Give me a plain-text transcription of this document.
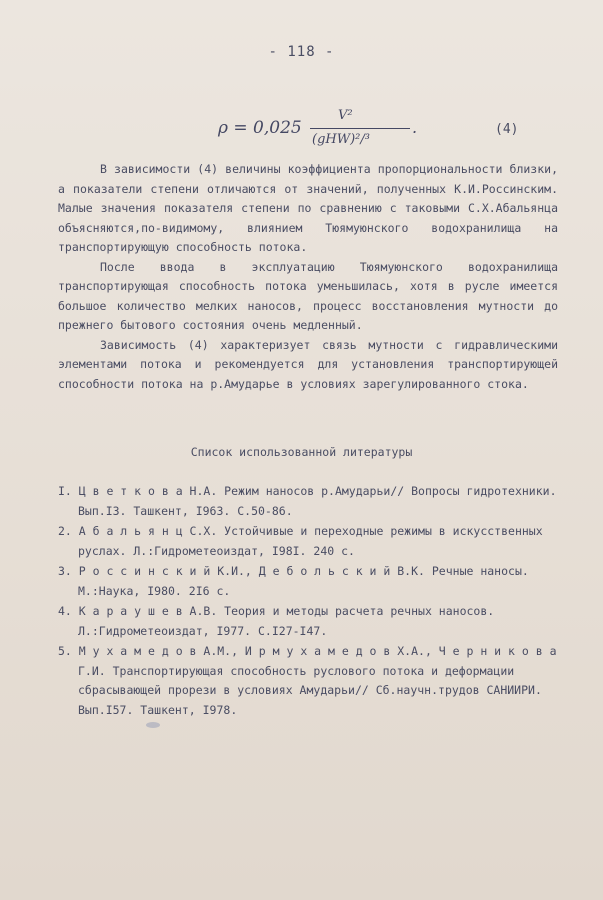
- 118 -
ρ = 0,025
V²
(gHW)²/³
.	(4)

В зависимости (4) величины коэффициента пропорциональности близки, а показатели степени отличаются от значений, полученных К.И.Россинским. Малые значения показателя степени по сравнению с таковыми С.Х.Абальянца объясняются,по-видимому, влиянием Тюямуюнского водохранилища на транспортирующую способность потока.

После ввода в эксплуатацию Тюямуюнского водохранилища транспортирующая способность потока уменьшилась, хотя в русле имеется большое количество мелких наносов, процесс восстановления мутности до прежнего бытового состояния очень медленный.

Зависимость (4) характеризует связь мутности с гидравлическими элементами потока и рекомендуется для установления транспортирующей способности потока на р.Амударье в условиях зарегулированного стока.

Список использованной литературы
I. Ц в е т к о в а Н.А. Режим наносов р.Амударьи// Вопросы гидротехники. Вып.I3. Ташкент, I963. С.50-86.
2. А б а л ь я н ц С.Х. Устойчивые и переходные режимы в искусственных руслах. Л.:Гидрометеоиздат, I98I. 240 с.
3. Р о с с и н с к и й К.И., Д е б о л ь с к и й В.К. Речные наносы. М.:Наука, I980. 2I6 с.
4. К а р а у ш е в А.В. Теория и методы расчета речных наносов. Л.:Гидрометеоиздат, I977. С.I27-I47.
5. М у х а м е д о в А.М., И р м у х а м е д о в Х.А., Ч е р н и к о в а Г.И. Транспортирующая способность руслового потока и деформации сбрасывающей прорези в условиях Амударьи// Сб.научн.трудов САНИИРИ. Вып.I57. Ташкент, I978.
